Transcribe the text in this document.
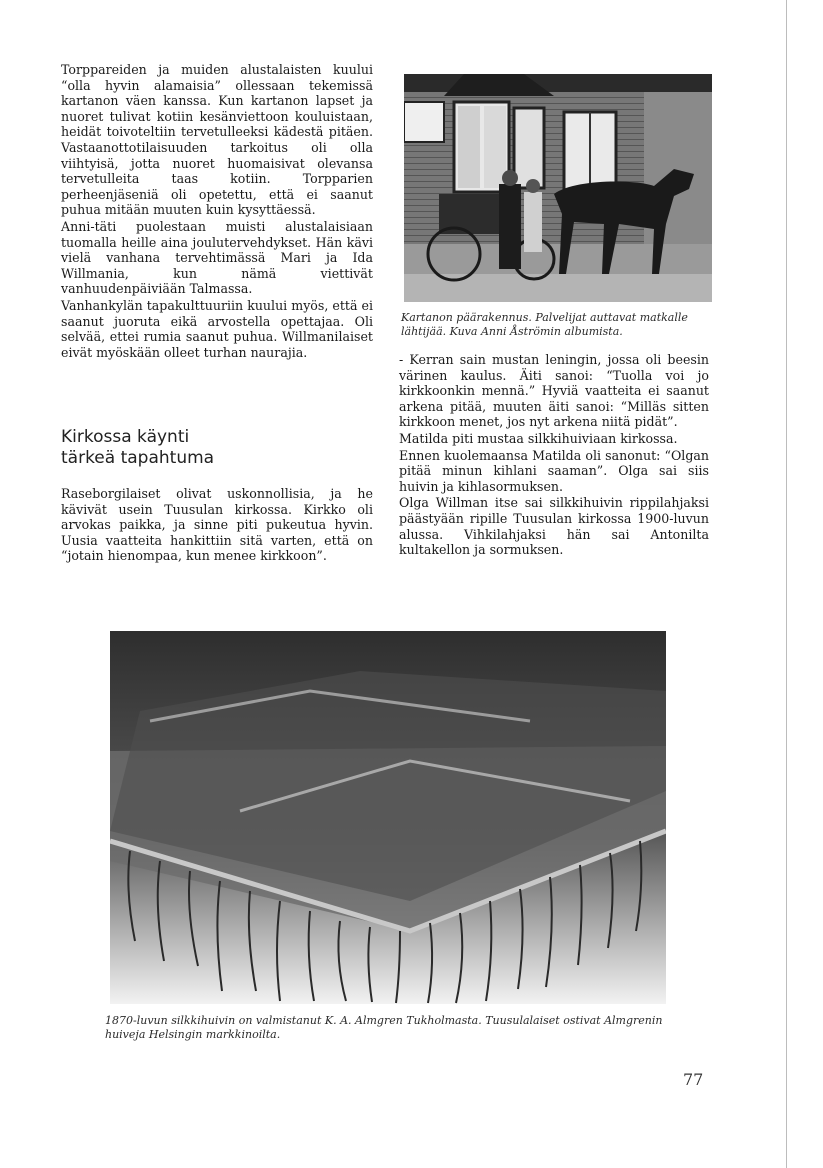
Torppareiden ja muiden alustalaisten kuului “olla hyvin alamaisia” ollessaan tekemissä kartanon väen kanssa. Kun kartanon lapset ja nuoret tulivat kotiin kesänviettoon kouluistaan, heidät toivoteltiin tervetulleeksi kädestä pitäen. Vastaanottotilaisuuden tarkoitus oli olla viihtyisä, jotta nuoret huomaisivat olevansa tervetulleita taas kotiin. Torpparien perheenjäseniä oli opetettu, että ei saanut puhua mitään muuten kuin kysyttäessä.

Anni-täti puolestaan muisti alustalaisiaan tuomalla heille aina joulutervehdykset. Hän kävi vielä vanhana tervehtimässä Mari ja Ida Willmania, kun nämä viettivät vanhuudenpäiviään Talmassa.

Vanhankylän tapakulttuuriin kuului myös, että ei saanut juoruta eikä arvostella opettajaa. Oli selvää, ettei rumia saanut puhua. Willmanilaiset eivät myöskään olleet turhan naurajia.

Kirkossa käynti
tärkeä tapahtuma

Raseborgilaiset olivat uskonnollisia, ja he kävivät usein Tuusulan kirkossa. Kirkko oli arvokas paikka, ja sinne piti pukeutua hyvin. Uusia vaatteita hankittiin sitä varten, että on “jotain hienompaa, kun menee kirkkoon”.

Kartanon päärakennus. Palvelijat auttavat matkalle lähtijää. Kuva Anni Åströmin albumista.

- Kerran sain mustan leningin, jossa oli beesin värinen kaulus. Äiti sanoi: “Tuolla voi jo kirkkoonkin mennä.” Hyviä vaatteita ei saanut arkena pitää, muuten äiti sanoi: “Milläs sitten kirkkoon menet, jos nyt arkena niitä pidät”.

Matilda piti mustaa silkkihuiviaan kirkossa.

Ennen kuolemaansa Matilda oli sanonut: “Olgan pitää minun kihlani saaman”. Olga sai siis huivin ja kihlasormuksen.

Olga Willman itse sai silkkihuivin rippilahjaksi päästyään ripille Tuusulan kirkossa 1900-luvun alussa. Vihkilahjaksi hän sai Antonilta kultakellon ja sormuksen.

1870-luvun silkkihuivin on valmistanut K. A. Almgren Tukholmasta. Tuusulalaiset ostivat Almgrenin huiveja Helsingin markkinoilta.
77
